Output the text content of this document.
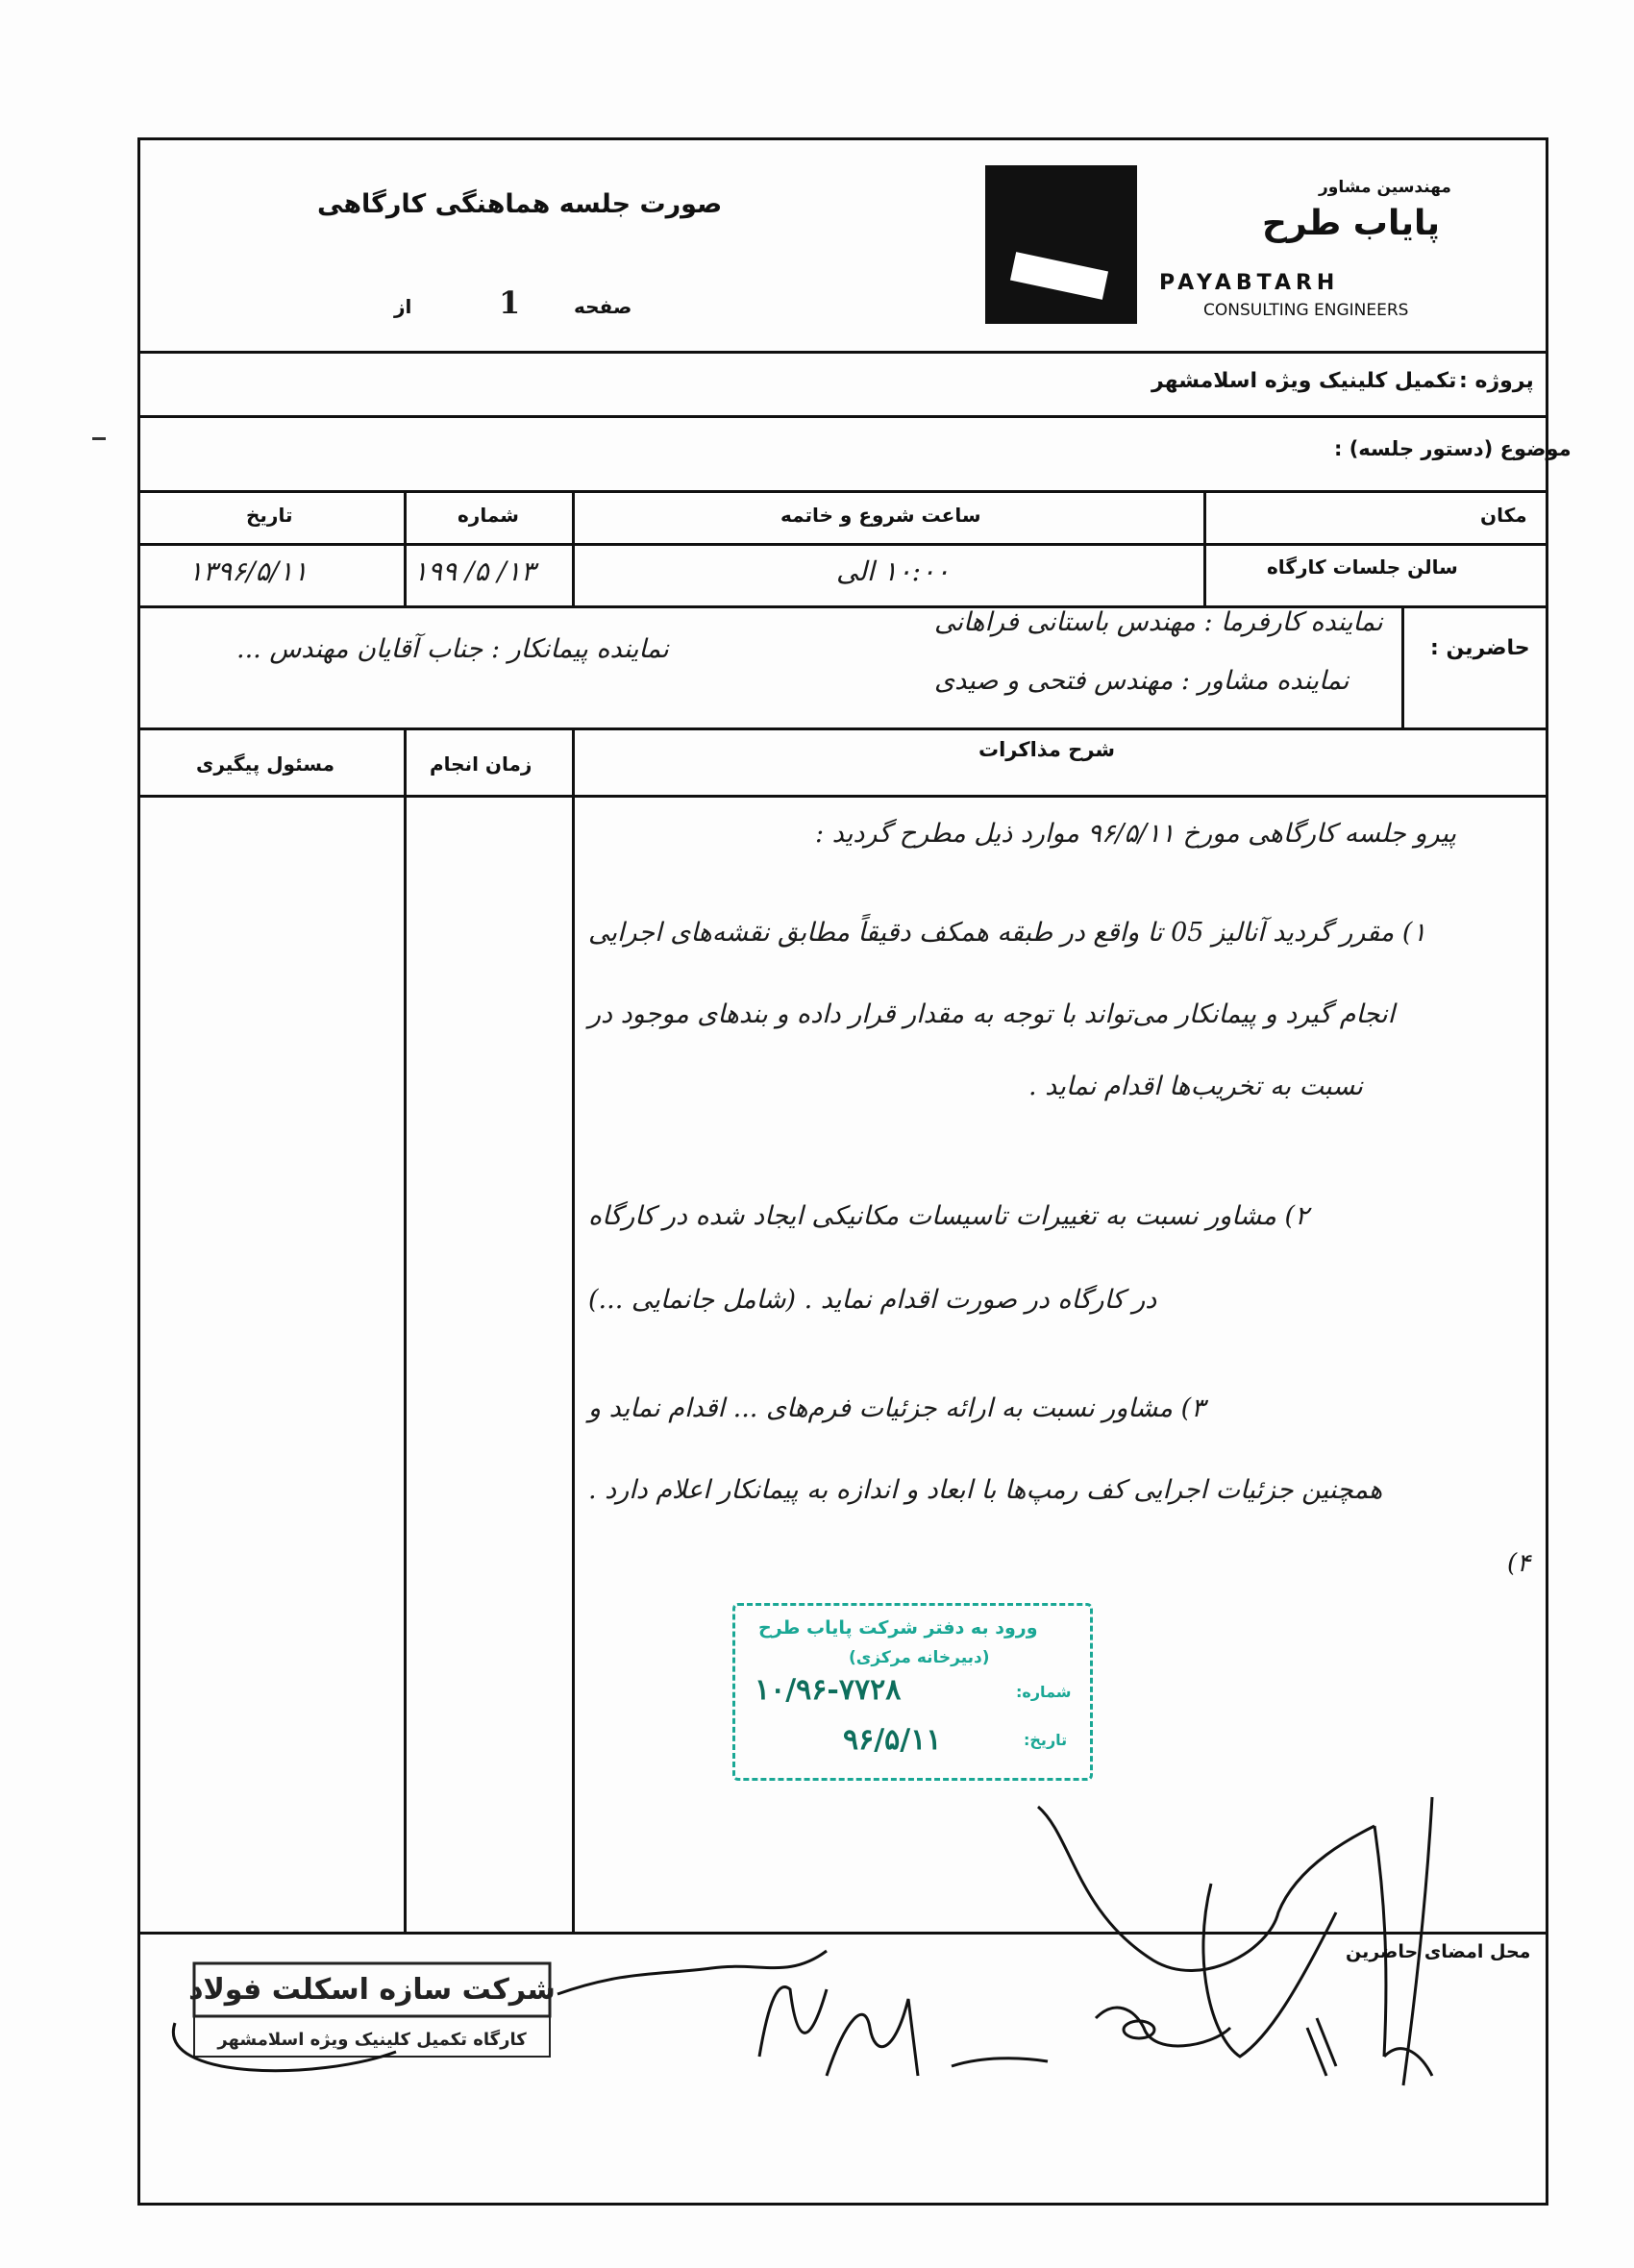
صورت جلسه هماهنگی کارگاهی
صفحه
1
از
مهندسین مشاور
پایاب طرح
PAYABTARH
CONSULTING ENGINEERS
پروژه :
تکمیل کلینیک ویژه اسلامشهر
موضوع (دستور جلسه) :
مکان
ساعت شروع و خاتمه
شماره
تاریخ
سالن جلسات کارگاه
۱۰:۰۰ الی
۱۳/ ۵/ ۱۹۹
۱۳۹۶/۵/۱۱
حاضرین :
نماینده کارفرما : مهندس باستانی فراهانی
نماینده مشاور : مهندس فتحی و صیدی
نماینده پیمانکار : جناب آقایان مهندس ...
شرح مذاکرات
زمان انجام
مسئول پیگیری
پیرو جلسه کارگاهی مورخ ۹۶/۵/۱۱ موارد ذیل مطرح گردید :
۱) مقرر گردید آنالیز 05 تا واقع در طبقه همکف دقیقاً مطابق نقشه‌های اجرایی
انجام گیرد و پیمانکار می‌تواند با توجه به مقدار قرار داده و بندهای موجود در
نسبت به تخریب‌ها اقدام نماید .
۲) مشاور نسبت به تغییرات تاسیسات مکانیکی ایجاد شده در کارگاه
در کارگاه در صورت اقدام نماید . (شامل جانمایی ...)
۳) مشاور نسبت به ارائه جزئیات فرم‌های ... اقدام نماید و
همچنین جزئیات اجرایی کف رمپ‌ها با ابعاد و اندازه به پیمانکار اعلام دارد .
۴)
ورود به دفتر شرکت پایاب طرح
(دبیرخانه مرکزی)
شماره:
۱۰/۹۶-۷۷۲۸
تاریخ:
۹۶/۵/۱۱
محل امضای حاضرین
شرکت سازه اسکلت فولاد
کارگاه تکمیل کلینیک ویژه اسلامشهر
